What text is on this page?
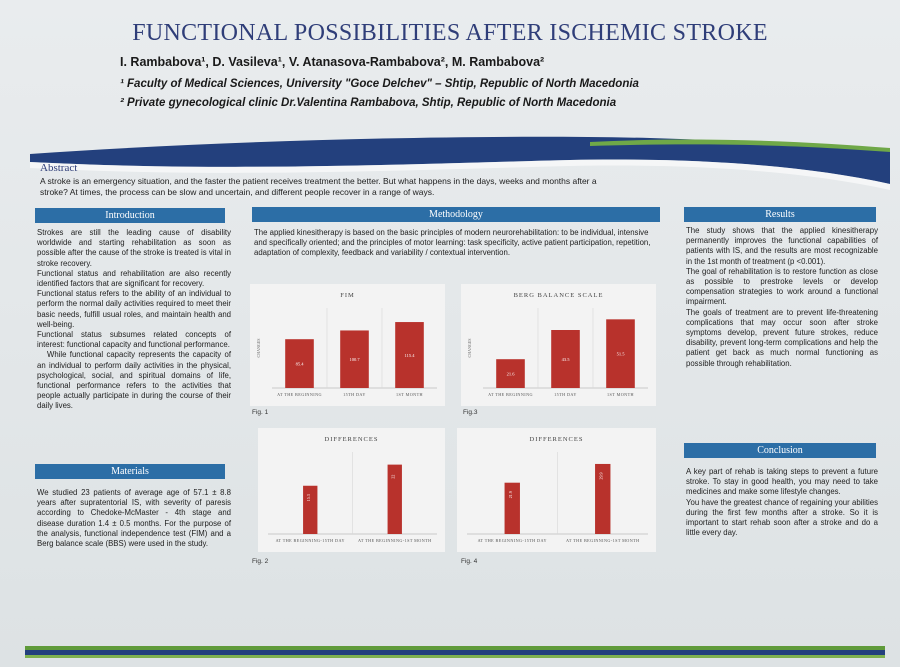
FUNCTIONAL POSSIBILITIES AFTER ISCHEMIC STROKE
I. Rambabova¹, D. Vasileva¹, V. Atanasova-Rambabova², M. Rambabova²
¹ Faculty of Medical Sciences, University "Goce Delchev" – Shtip, Republic of North Macedonia
² Private gynecological clinic Dr.Valentina Rambabova, Shtip, Republic of North Macedonia
Abstract
A stroke is an emergency situation, and the faster the patient receives treatment the better. But what happens in the days, weeks and months after a stroke? At times, the process can be slow and uncertain, and different people recover in a range of ways.
Introduction

Strokes are still the leading cause of disability worldwide and starting rehabilitation as soon as possible after the cause of the stroke is treated is vital in stroke recovery.

Functional status and rehabilitation are also recently identified factors that are significant for recovery.

Functional status refers to the ability of an individual to perform the normal daily activities required to meet their basic needs, fulfill usual roles, and maintain health and well-being.

Functional status subsumes related concepts of interest: functional capacity and functional performance.

While functional capacity represents the capacity of an individual to perform daily activities in the physical, psychological, social, and spiritual domains of life, functional performance refers to the activities that people actually participate in during the course of their daily lives.

Materials
We studied 23 patients of average age of 57.1 ± 8.8 years after supratentorial IS, with severity of paresis according to Chedoke-McMaster - 4th stage and disease duration 1.4 ± 0.5 months. For the purpose of the analysis, functional independence test (FIM) and a Berg balance scale (BBS) were used in the study.
Methodology
The applied kinesitherapy is based on the basic principles of modern neurorehabilitation: to be individual, intensive and specifically oriented; and the principles of motor learning: task specificity, active patient participation, repetition, adaptation of complexity, feedback and variability / contextual intervention.
Results

The study shows that the applied kinesitherapy permanently improves the functional capabilities of patients with IS, and the results are most recognizable in the 1st month of treatment (p <0.001).

The goal of rehabilitation is to restore function as close as possible to prestroke levels or develop compensation strategies to work around a functional impairment.

The goals of treatment are to prevent life-threatening complications that may occur soon after stroke symptoms develop, prevent future strokes, reduce disability, prevent long-term complications and help the patient get back as much normal functioning as possible through rehabilitation.

Conclusion

A key part of rehab is taking steps to prevent a future stroke. To stay in good health, you may need to take medicines and make some lifestyle changes.

You have the greatest chance of regaining your abilities during the first few months after a stroke. So it is important to start rehab soon after a stroke and do a little every day.

FIM
CHANGES
85.4
AT THE BEGINNING
100.7
15TH DAY
115.4
1ST MONTH
Fig. 1
BERG BALANCE SCALE
CHANGES
21.6
AT THE BEGINNING
43.5
15TH DAY
51.5
1ST MONTH
Fig.3
DIFFERENCES
15.3
AT THE BEGINNING-15TH DAY
22
AT THE BEGINNING-1ST MONTH
Fig. 2
DIFFERENCES
21.9
AT THE BEGINNING-15TH DAY
29.9
AT THE BEGINNING-1ST MONTH
Fig. 4
